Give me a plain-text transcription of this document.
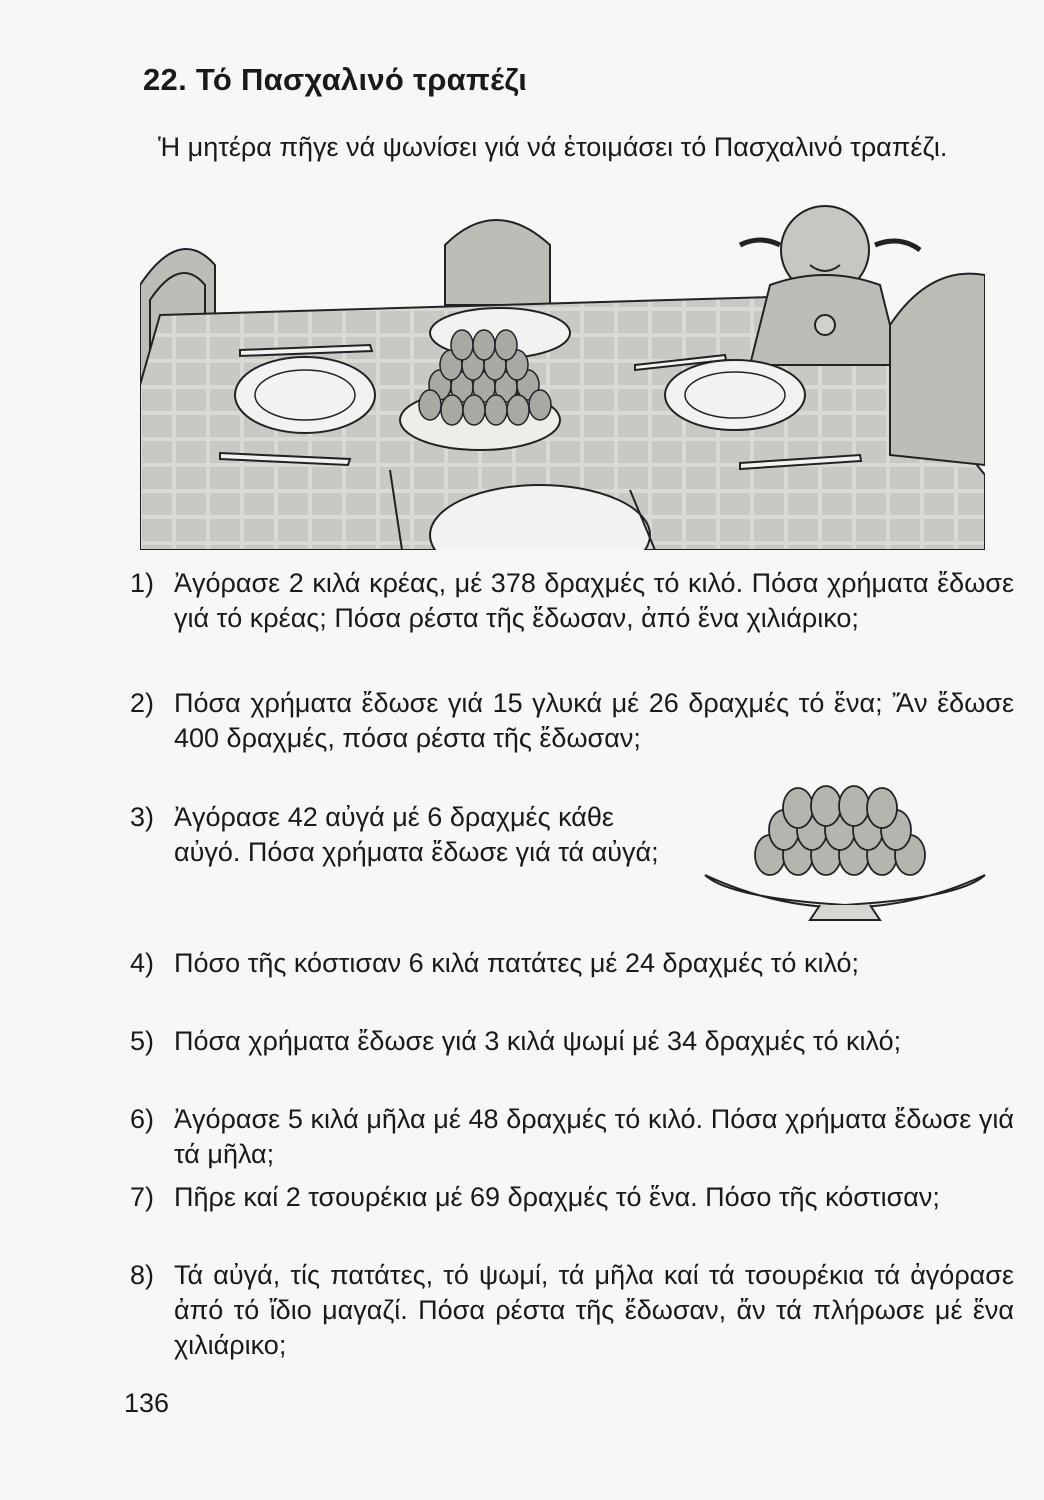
22. Τό Πασχαλινό τραπέζι
Ἡ μητέρα πῆγε νά ψωνίσει γιά νά ἑτοιμάσει τό Πασχαλινό τραπέζι.
1) Ἀγόρασε 2 κιλά κρέας, μέ 378 δραχμές τό κιλό. Πόσα χρήματα ἔδωσε γιά τό κρέας; Πόσα ρέστα τῆς ἔδωσαν, ἀπό ἕνα χιλιάρικο;
2) Πόσα χρήματα ἔδωσε γιά 15 γλυκά μέ 26 δραχμές τό ἕνα; Ἄν ἔδωσε 400 δραχμές, πόσα ρέστα τῆς ἔδωσαν;
3) Ἀγόρασε 42 αὐγά μέ 6 δραχμές κάθε αὐγό. Πόσα χρήματα ἔδωσε γιά τά αὐγά;
4) Πόσο τῆς κόστισαν 6 κιλά πατάτες μέ 24 δραχμές τό κιλό;
5) Πόσα χρήματα ἔδωσε γιά 3 κιλά ψωμί μέ 34 δραχμές τό κιλό;
6) Ἀγόρασε 5 κιλά μῆλα μέ 48 δραχμές τό κιλό. Πόσα χρήματα ἔδωσε γιά τά μῆλα;
7) Πῆρε καί 2 τσουρέκια μέ 69 δραχμές τό ἕνα. Πόσο τῆς κόστισαν;
8) Τά αὐγά, τίς πατάτες, τό ψωμί, τά μῆλα καί τά τσουρέκια τά ἀγόρασε ἀπό τό ἴδιο μαγαζί. Πόσα ρέστα τῆς ἔδωσαν, ἄν τά πλήρωσε μέ ἕνα χιλιάρικο;
136
